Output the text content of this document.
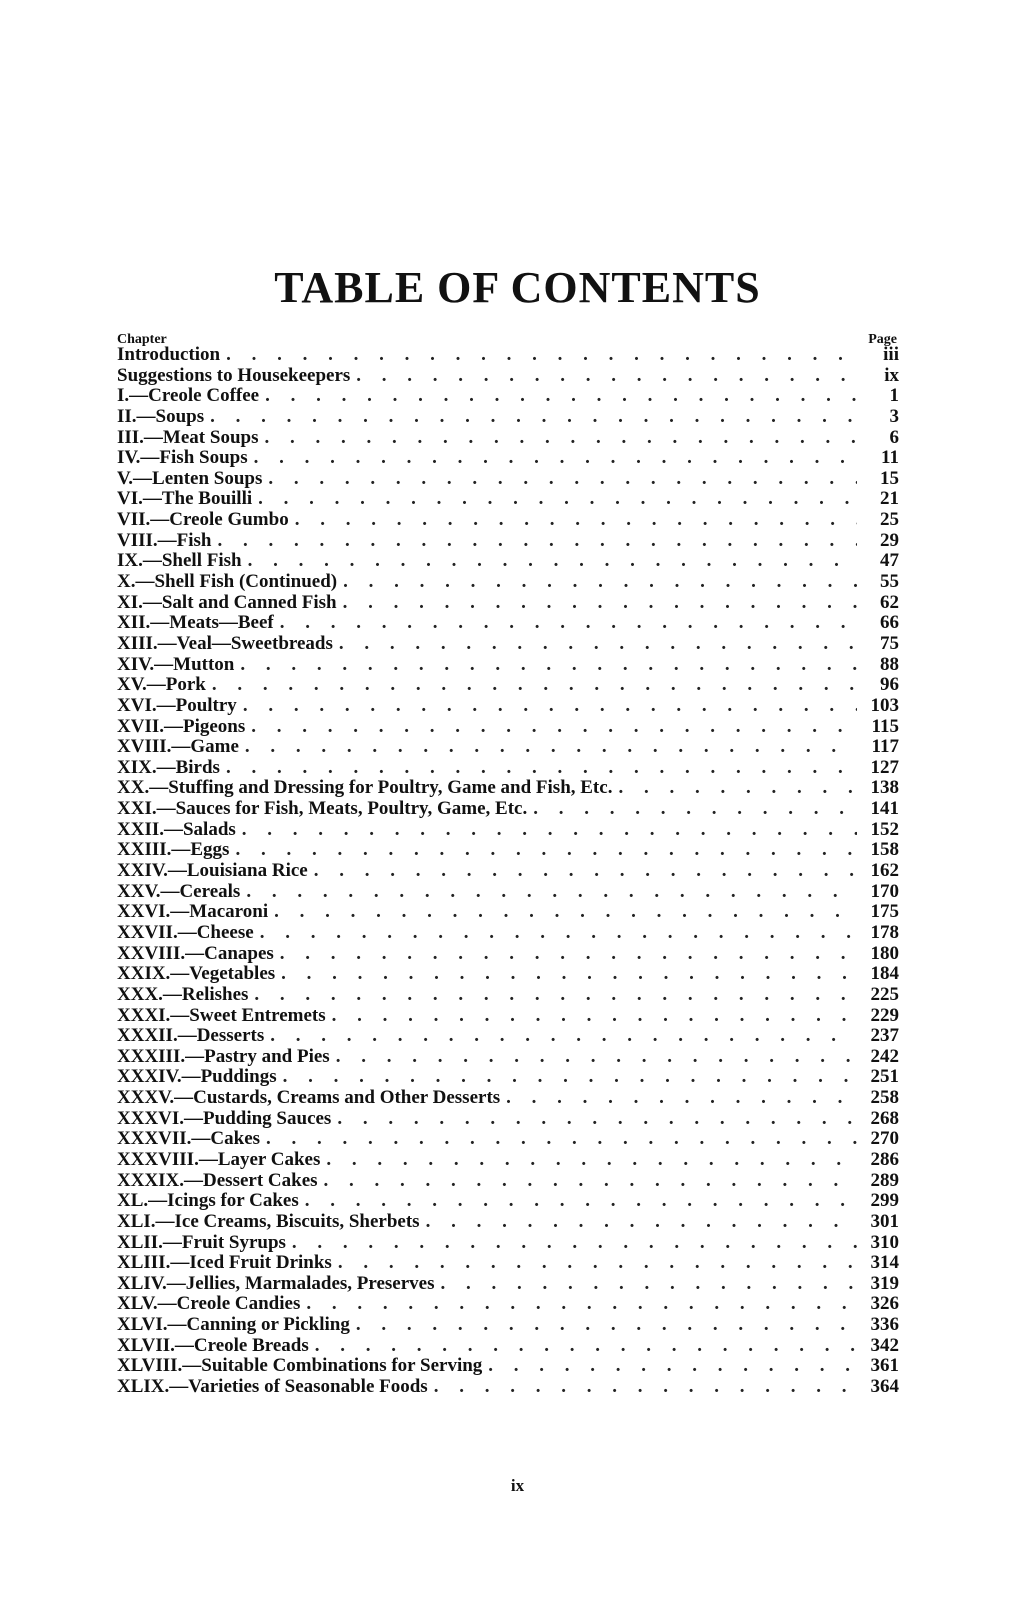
TABLE OF CONTENTS
Chapter	Page
Introduction . . .	iii
Suggestions to Housekeepers . . .	ix
I.—Creole Coffee . . .	1
II.—Soups . . .	3
III.—Meat Soups . . .	6
IV.—Fish Soups . . .	11
V.—Lenten Soups . . .	15
VI.—The Bouilli . . .	21
VII.—Creole Gumbo . . .	25
VIII.—Fish . . .	29
IX.—Shell Fish . . .	47
X.—Shell Fish (Continued) . . .	55
XI.—Salt and Canned Fish . . .	62
XII.—Meats—Beef . . .	66
XIII.—Veal—Sweetbreads . . .	75
XIV.—Mutton . . .	88
XV.—Pork . . .	96
XVI.—Poultry . . .	103
XVII.—Pigeons . . .	115
XVIII.—Game . . .	117
XIX.—Birds . . .	127
XX.—Stuffing and Dressing for Poultry, Game and Fish, Etc. . . .	138
XXI.—Sauces for Fish, Meats, Poultry, Game, Etc. . . .	141
XXII.—Salads . . .	152
XXIII.—Eggs . . .	158
XXIV.—Louisiana Rice . . .	162
XXV.—Cereals . . .	170
XXVI.—Macaroni . . .	175
XXVII.—Cheese . . .	178
XXVIII.—Canapes . . .	180
XXIX.—Vegetables . . .	184
XXX.—Relishes . . .	225
XXXI.—Sweet Entremets . . .	229
XXXII.—Desserts . . .	237
XXXIII.—Pastry and Pies . . .	242
XXXIV.—Puddings . . .	251
XXXV.—Custards, Creams and Other Desserts . . .	258
XXXVI.—Pudding Sauces . . .	268
XXXVII.—Cakes . . .	270
XXXVIII.—Layer Cakes . . .	286
XXXIX.—Dessert Cakes . . .	289
XL.—Icings for Cakes . . .	299
XLI.—Ice Creams, Biscuits, Sherbets . . .	301
XLII.—Fruit Syrups . . .	310
XLIII.—Iced Fruit Drinks . . .	314
XLIV.—Jellies, Marmalades, Preserves . . .	319
XLV.—Creole Candies . . .	326
XLVI.—Canning or Pickling . . .	336
XLVII.—Creole Breads . . .	342
XLVIII.—Suitable Combinations for Serving . . .	361
XLIX.—Varieties of Seasonable Foods . . .	364
ix
